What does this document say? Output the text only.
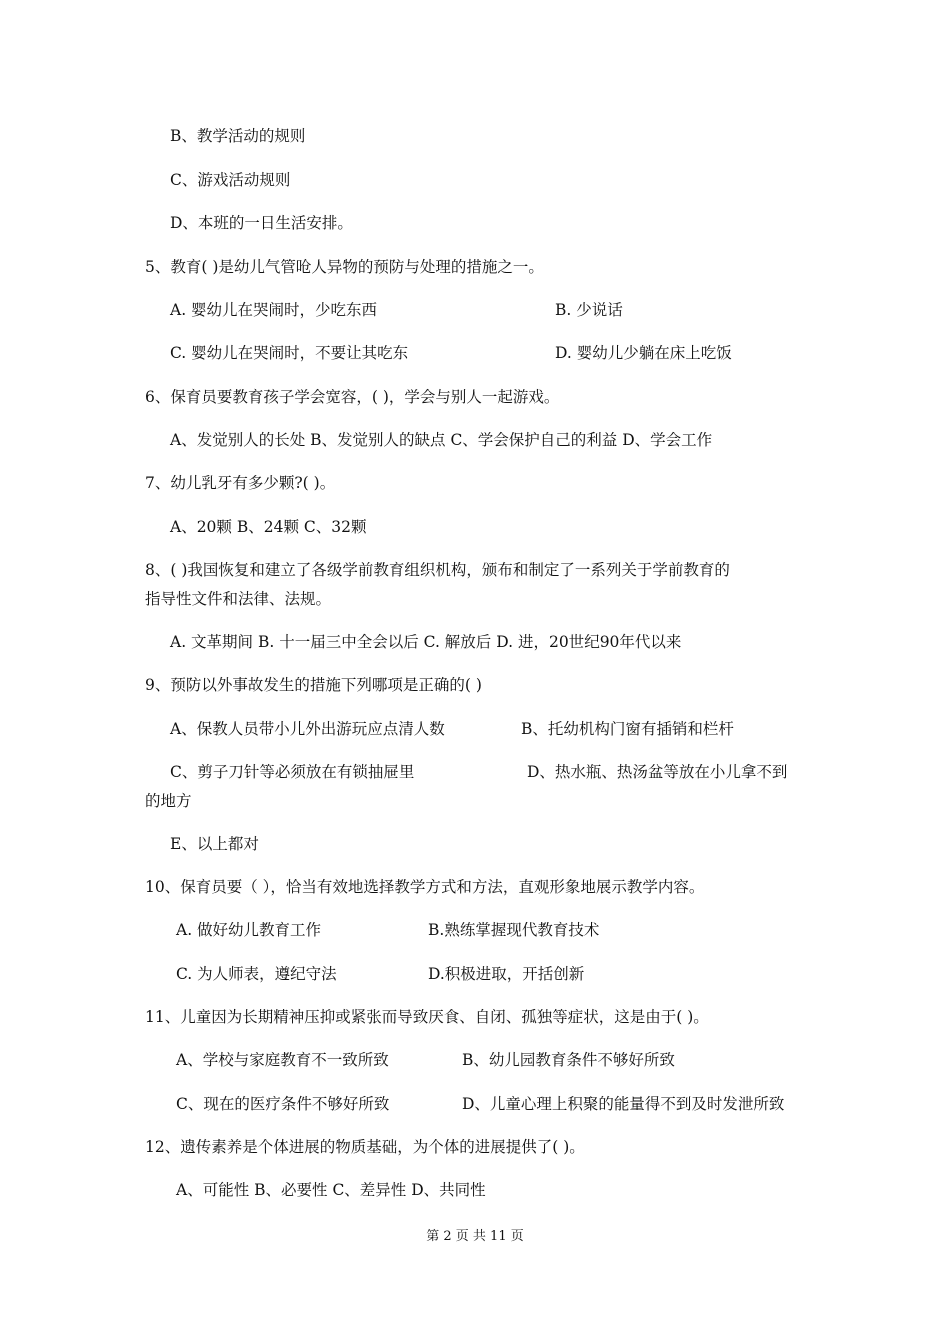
B、教学活动的规则
C、游戏活动规则
D、本班的一日生活安排。
5、教育( )是幼儿气管呛人异物的预防与处理的措施之一。
A. 婴幼儿在哭闹时，少吃东西	B. 少说话
C. 婴幼儿在哭闹时，不要让其吃东	D. 婴幼儿少躺在床上吃饭
6、保育员要教育孩子学会宽容，( )，学会与别人一起游戏。
A、发觉别人的长处 B、发觉别人的缺点 C、学会保护自己的利益 D、学会工作
7、幼儿乳牙有多少颗?( )。
A、20颗 B、24颗 C、32颗
8、( )我国恢复和建立了各级学前教育组织机构，颁布和制定了一系列关于学前教育的
指导性文件和法律、法规。
A. 文革期间 B. 十一届三中全会以后 C. 解放后 D. 进，20世纪90年代以来
9、预防以外事故发生的措施下列哪项是正确的( )
A、保教人员带小儿外出游玩应点清人数	B、托幼机构门窗有插销和栏杆
C、剪子刀针等必须放在有锁抽屉里	D、热水瓶、热汤盆等放在小儿拿不到
的地方
E、以上都对
10、保育员要（ ），恰当有效地选择教学方式和方法，直观形象地展示教学内容。
A. 做好幼儿教育工作	B.熟练掌握现代教育技术
C. 为人师表，遵纪守法	D.积极进取，开括创新
11、儿童因为长期精神压抑或紧张而导致厌食、自闭、孤独等症状，这是由于( )。
A、学校与家庭教育不一致所致	B、幼儿园教育条件不够好所致
C、现在的医疗条件不够好所致	D、儿童心理上积聚的能量得不到及时发泄所致
12、遗传素养是个体进展的物质基础，为个体的进展提供了( )。
A、可能性 B、必要性 C、差异性 D、共同性
第 2 页 共 11 页
